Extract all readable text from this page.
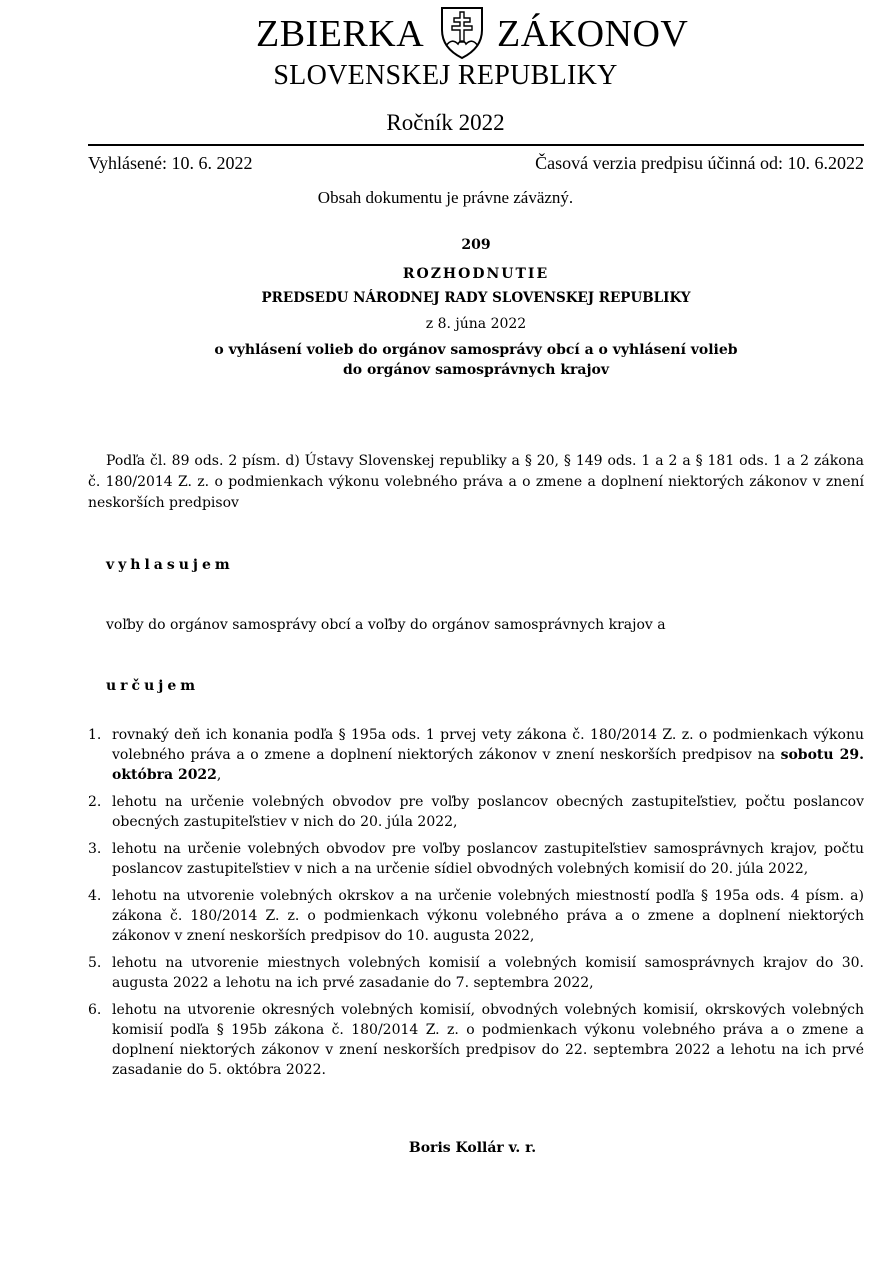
ZBIERKA ZÁKONOV
SLOVENSKEJ REPUBLIKY
Ročník 2022
Vyhlásené: 10. 6. 2022	Časová verzia predpisu účinná od: 10. 6.2022
Obsah dokumentu je právne záväzný.
209
ROZHODNUTIE
PREDSEDU NÁRODNEJ RADY SLOVENSKEJ REPUBLIKY
z 8. júna 2022
o vyhlásení volieb do orgánov samosprávy obcí a o vyhlásení volieb
do orgánov samosprávnych krajov
Podľa čl. 89 ods. 2 písm. d) Ústavy Slovenskej republiky a § 20, § 149 ods. 1 a 2 a § 181 ods. 1 a 2 zákona č. 180/2014 Z. z. o podmienkach výkonu volebného práva a o zmene a doplnení niektorých zákonov v znení neskorších predpisov
vyhlasujem
voľby do orgánov samosprávy obcí a voľby do orgánov samosprávnych krajov a
určujem
1. rovnaký deň ich konania podľa § 195a ods. 1 prvej vety zákona č. 180/2014 Z. z. o podmienkach výkonu volebného práva a o zmene a doplnení niektorých zákonov v znení neskorších predpisov na sobotu 29. októbra 2022,
2. lehotu na určenie volebných obvodov pre voľby poslancov obecných zastupiteľstiev, počtu poslancov obecných zastupiteľstiev v nich do 20. júla 2022,
3. lehotu na určenie volebných obvodov pre voľby poslancov zastupiteľstiev samosprávnych krajov, počtu poslancov zastupiteľstiev v nich a na určenie sídiel obvodných volebných komisií do 20. júla 2022,
4. lehotu na utvorenie volebných okrskov a na určenie volebných miestností podľa § 195a ods. 4 písm. a) zákona č. 180/2014 Z. z. o podmienkach výkonu volebného práva a o zmene a doplnení niektorých zákonov v znení neskorších predpisov do 10. augusta 2022,
5. lehotu na utvorenie miestnych volebných komisií a volebných komisií samosprávnych krajov do 30. augusta 2022 a lehotu na ich prvé zasadanie do 7. septembra 2022,
6. lehotu na utvorenie okresných volebných komisií, obvodných volebných komisií, okrskových volebných komisií podľa § 195b zákona č. 180/2014 Z. z. o podmienkach výkonu volebného práva a o zmene a doplnení niektorých zákonov v znení neskorších predpisov do 22. septembra 2022 a lehotu na ich prvé zasadanie do 5. októbra 2022.
Boris Kollár v. r.
